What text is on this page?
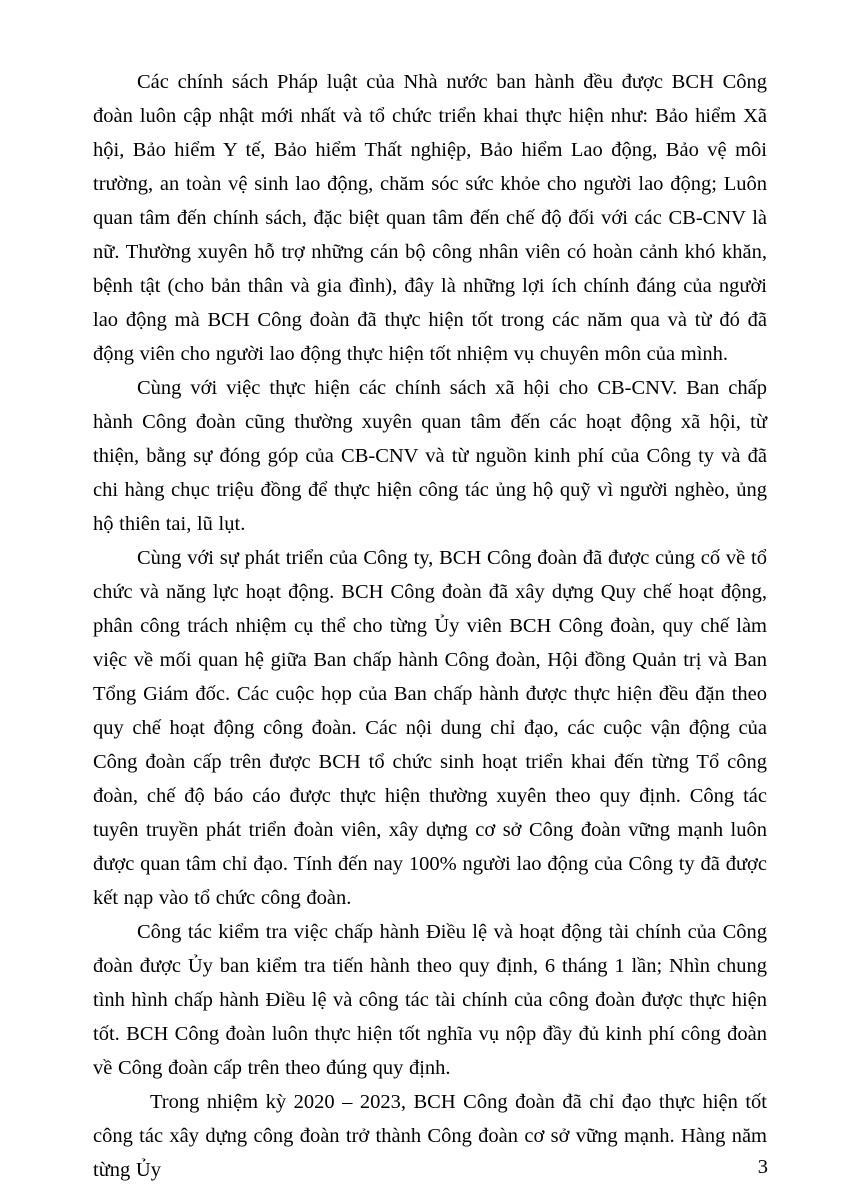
Các chính sách Pháp luật của Nhà nước ban hành đều được BCH Công đoàn luôn cập nhật mới nhất và tổ chức triển khai thực hiện như: Bảo hiểm Xã hội, Bảo hiểm Y tế, Bảo hiểm Thất nghiệp, Bảo hiểm Lao động, Bảo vệ môi trường, an toàn vệ sinh lao động, chăm sóc sức khỏe cho người lao động; Luôn quan tâm đến chính sách, đặc biệt quan tâm đến chế độ đối với các CB-CNV là nữ. Thường xuyên hỗ trợ những cán bộ công nhân viên có hoàn cảnh khó khăn, bệnh tật (cho bản thân và gia đình), đây là những lợi ích chính đáng của người lao động mà BCH Công đoàn đã thực hiện tốt trong các năm qua và từ đó đã động viên cho người lao động thực hiện tốt nhiệm vụ chuyên môn của mình.

Cùng với việc thực hiện các chính sách xã hội cho CB-CNV. Ban chấp hành Công đoàn cũng thường xuyên quan tâm đến các hoạt động xã hội, từ thiện, bằng sự đóng góp của CB-CNV và từ nguồn kinh phí của Công ty và đã chi hàng chục triệu đồng để thực hiện công tác ủng hộ quỹ vì người nghèo, ủng hộ thiên tai, lũ lụt.

Cùng với sự phát triển của Công ty, BCH Công đoàn đã được củng cố về tổ chức và năng lực hoạt động. BCH Công đoàn đã xây dựng Quy chế hoạt động, phân công trách nhiệm cụ thể cho từng Ủy viên BCH Công đoàn, quy chế làm việc về mối quan hệ giữa Ban chấp hành Công đoàn, Hội đồng Quản trị và Ban Tổng Giám đốc. Các cuộc họp của Ban chấp hành được thực hiện đều đặn theo quy chế hoạt động công đoàn. Các nội dung chỉ đạo, các cuộc vận động của Công đoàn cấp trên được BCH tổ chức sinh hoạt triển khai đến từng Tổ công đoàn, chế độ báo cáo được thực hiện thường xuyên theo quy định. Công tác tuyên truyền phát triển đoàn viên, xây dựng cơ sở Công đoàn vững mạnh luôn được quan tâm chỉ đạo. Tính đến nay 100% người lao động của Công ty đã được kết nạp vào tổ chức công đoàn.

Công tác kiểm tra việc chấp hành Điều lệ và hoạt động tài chính của Công đoàn được Ủy ban kiểm tra tiến hành theo quy định, 6 tháng 1 lần; Nhìn chung tình hình chấp hành Điều lệ và công tác tài chính của công đoàn được thực hiện tốt. BCH Công đoàn luôn thực hiện tốt nghĩa vụ nộp đầy đủ kinh phí công đoàn về Công đoàn cấp trên theo đúng quy định.

Trong nhiệm kỳ 2020 – 2023, BCH Công đoàn đã chỉ đạo thực hiện tốt công tác xây dựng công đoàn trở thành Công đoàn cơ sở vững mạnh. Hàng năm từng Ủy	3
